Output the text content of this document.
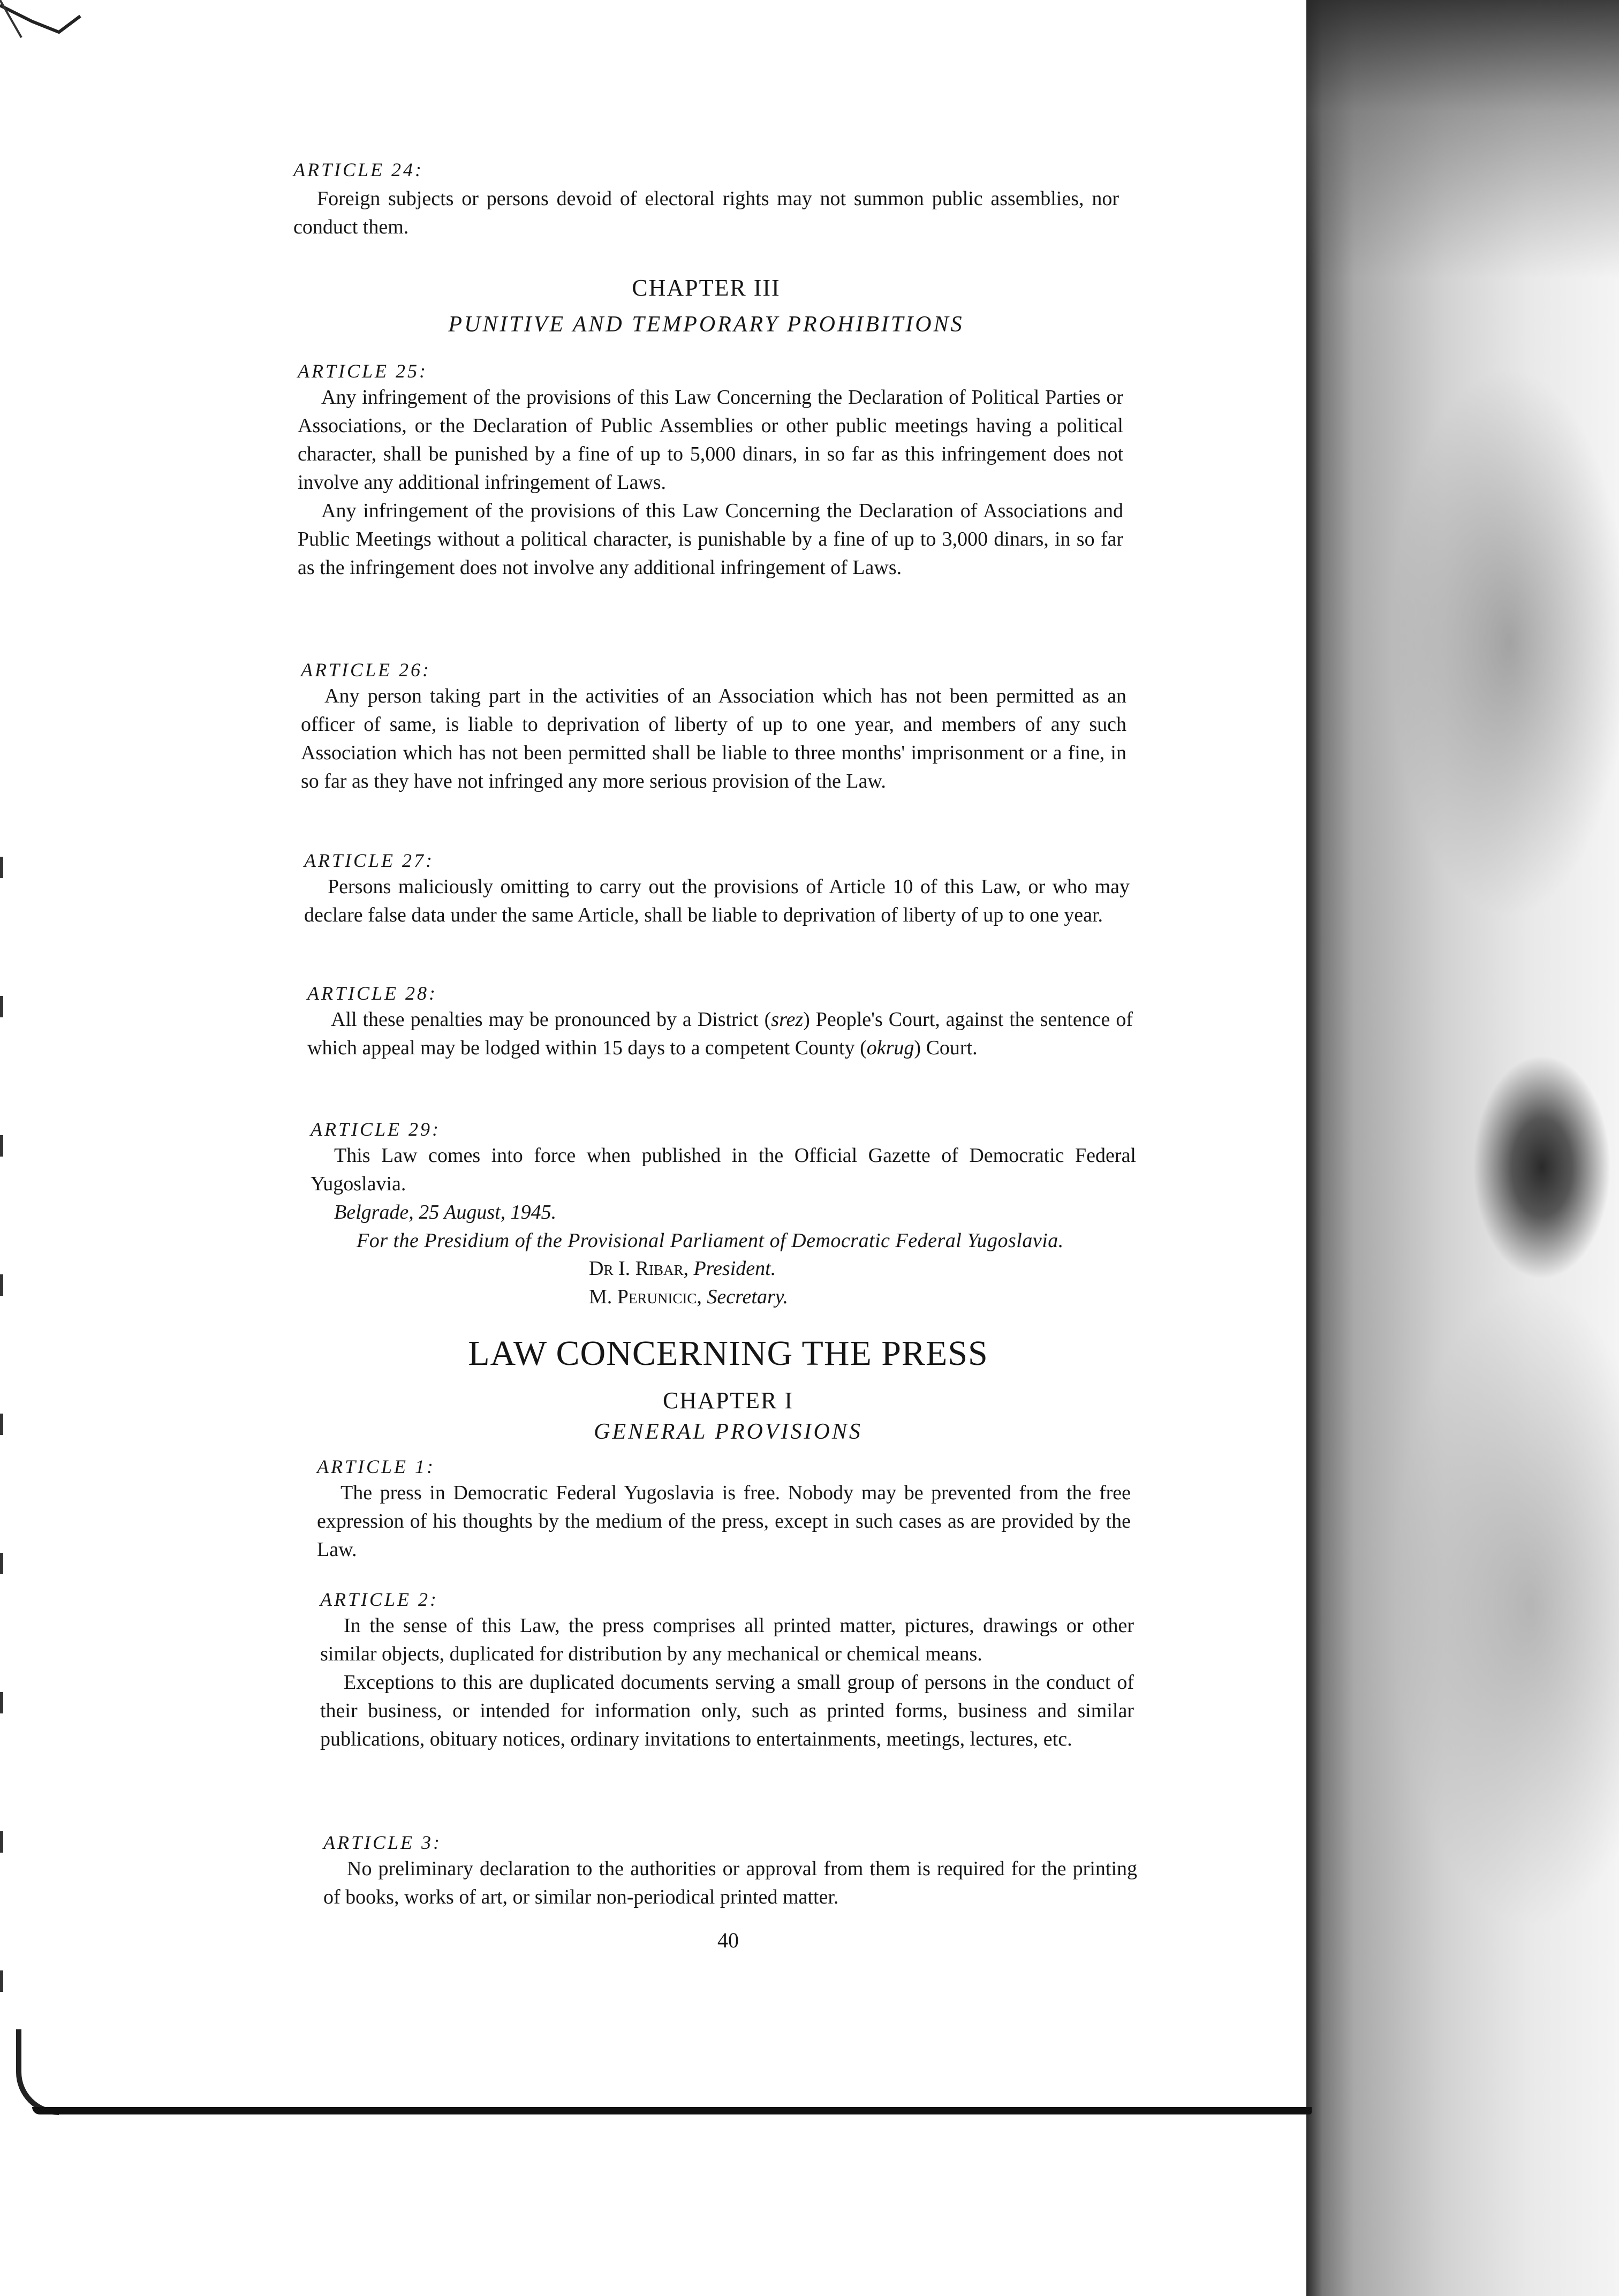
ARTICLE 24:

Foreign subjects or persons devoid of electoral rights may not summon public assemblies, nor conduct them.

CHAPTER III

PUNITIVE AND TEMPORARY PROHIBITIONS

ARTICLE 25:

Any infringement of the provisions of this Law Concerning the Declaration of Political Parties or Associations, or the Declaration of Public Assemblies or other public meetings having a political character, shall be punished by a fine of up to 5,000 dinars, in so far as this infringement does not involve any additional infringement of Laws.
Any infringement of the provisions of this Law Concerning the Declaration of Associations and Public Meetings without a political character, is punishable by a fine of up to 3,000 dinars, in so far as the infringement does not involve any additional infringement of Laws.

ARTICLE 26:

Any person taking part in the activities of an Association which has not been permitted as an officer of same, is liable to deprivation of liberty of up to one year, and members of any such Association which has not been permitted shall be liable to three months' imprisonment or a fine, in so far as they have not infringed any more serious provision of the Law.

ARTICLE 27:

Persons maliciously omitting to carry out the provisions of Article 10 of this Law, or who may declare false data under the same Article, shall be liable to deprivation of liberty of up to one year.

ARTICLE 28:

All these penalties may be pronounced by a District (srez) People's Court, against the sentence of which appeal may be lodged within 15 days to a competent County (okrug) Court.

ARTICLE 29:

This Law comes into force when published in the Official Gazette of Democratic Federal Yugoslavia.

Belgrade, 25 August, 1945.

For the Presidium of the Provisional Parliament of Democratic Federal Yugoslavia.

Dr I. Ribar, President.

M. Perunicic, Secretary.

LAW CONCERNING THE PRESS

CHAPTER I

GENERAL PROVISIONS

ARTICLE 1:

The press in Democratic Federal Yugoslavia is free. Nobody may be prevented from the free expression of his thoughts by the medium of the press, except in such cases as are provided by the Law.

ARTICLE 2:

In the sense of this Law, the press comprises all printed matter, pictures, drawings or other similar objects, duplicated for distribution by any mechanical or chemical means.
Exceptions to this are duplicated documents serving a small group of persons in the conduct of their business, or intended for information only, such as printed forms, business and similar publications, obituary notices, ordinary invitations to entertainments, meetings, lectures, etc.

ARTICLE 3:

No preliminary declaration to the authorities or approval from them is required for the printing of books, works of art, or similar non-periodical printed matter.

40
